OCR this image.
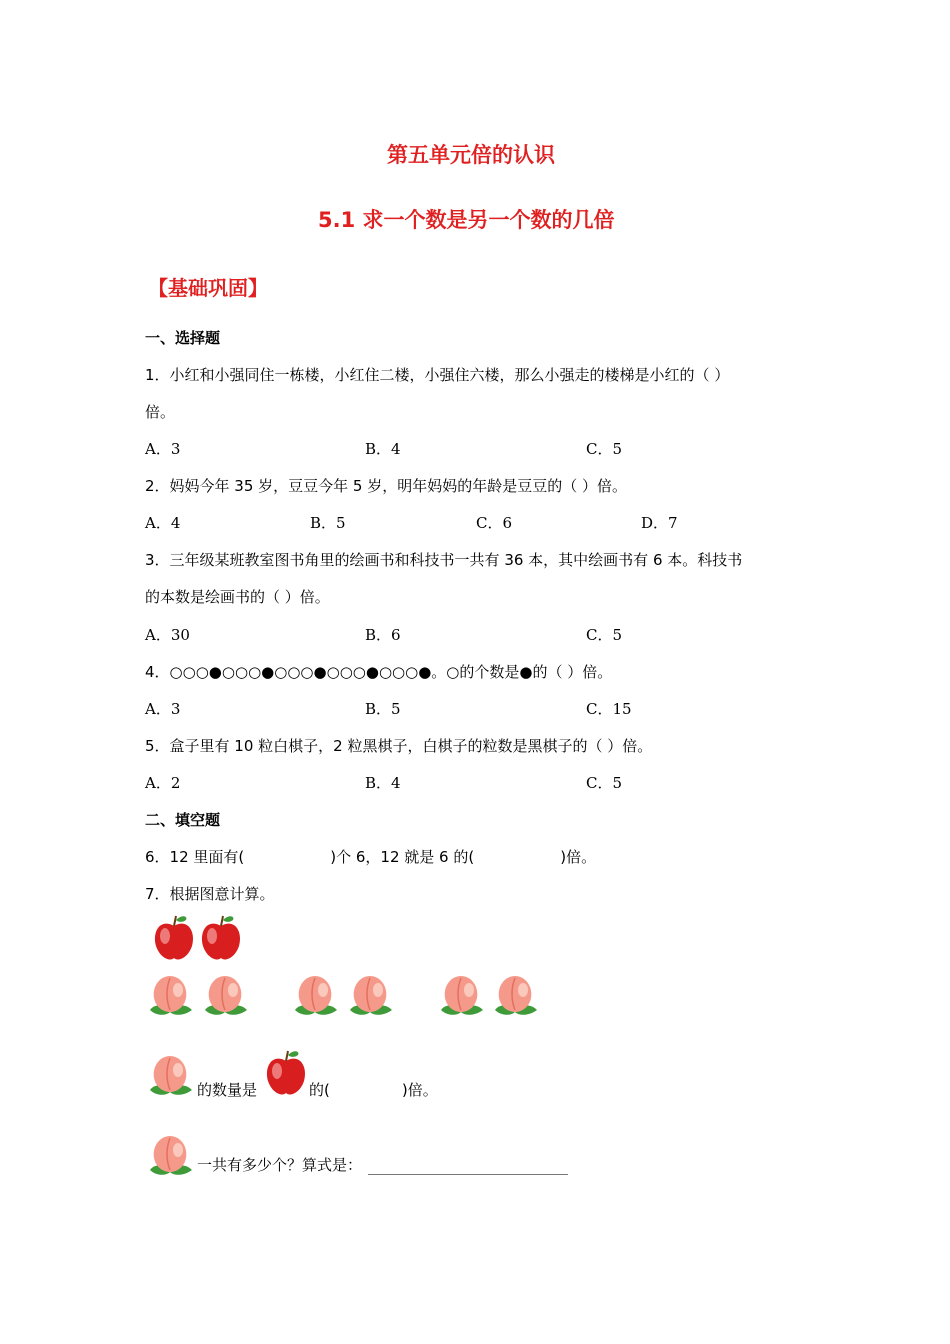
第五单元倍的认识
5.1 求一个数是另一个数的几倍
【基础巩固】
一、选择题
1．小红和小强同住一栋楼，小红住二楼，小强住六楼，那么小强走的楼梯是小红的（ ）
倍。
A．3	B．4	C．5
2．妈妈今年 35 岁，豆豆今年 5 岁，明年妈妈的年龄是豆豆的（ ）倍。
A．4	B．5	C．6	D．7
3．三年级某班教室图书角里的绘画书和科技书一共有 36 本，其中绘画书有 6 本。科技书
的本数是绘画书的（ ）倍。
A．30	B．6	C．5
4．○○○●○○○●○○○●○○○●○○○●。○的个数是●的（ ）倍。
A．3	B．5	C．15
5．盒子里有 10 粒白棋子，2 粒黑棋子，白棋子的粒数是黑棋子的（ ）倍。
A．2	B．4	C．5
二、填空题
6．12 里面有(	)个 6，12 就是 6 的(	)倍。
7．根据图意计算。
的数量是	的(	)倍。
一共有多少个？算式是：
